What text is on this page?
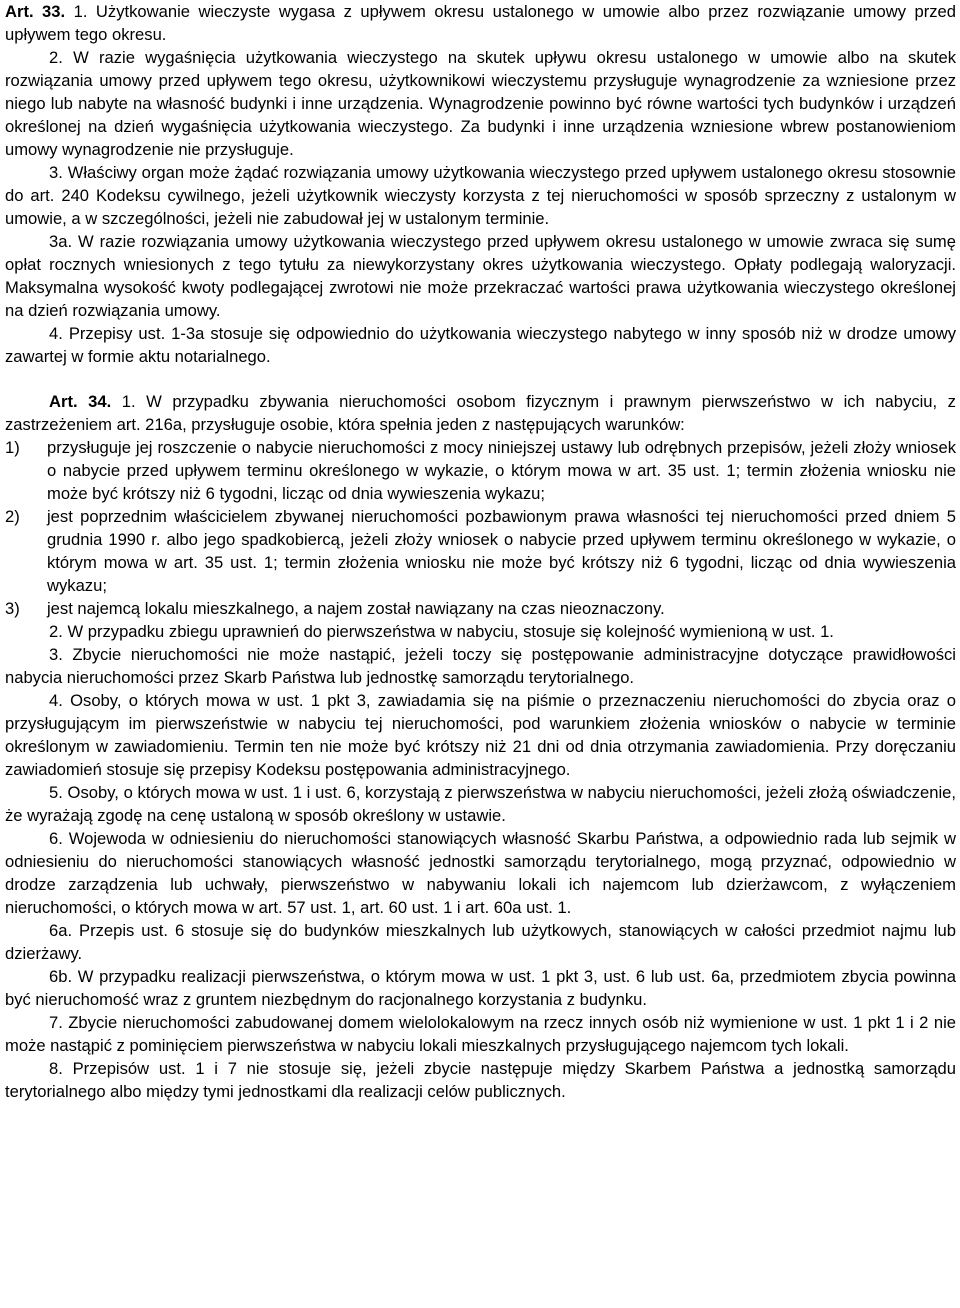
Art. 33. 1. Użytkowanie wieczyste wygasa z upływem okresu ustalonego w umowie albo przez rozwiązanie umowy przed upływem tego okresu.

2. W razie wygaśnięcia użytkowania wieczystego na skutek upływu okresu ustalonego w umowie albo na skutek rozwiązania umowy przed upływem tego okresu, użytkownikowi wieczystemu przysługuje wynagrodzenie za wzniesione przez niego lub nabyte na własność budynki i inne urządzenia. Wynagrodzenie powinno być równe wartości tych budynków i urządzeń określonej na dzień wygaśnięcia użytkowania wieczystego. Za budynki i inne urządzenia wzniesione wbrew postanowieniom umowy wynagrodzenie nie przysługuje.

3. Właściwy organ może żądać rozwiązania umowy użytkowania wieczystego przed upływem ustalonego okresu stosownie do art. 240 Kodeksu cywilnego, jeżeli użytkownik wieczysty korzysta z tej nieruchomości w sposób sprzeczny z ustalonym w umowie, a w szczególności, jeżeli nie zabudował jej w ustalonym terminie.

3a. W razie rozwiązania umowy użytkowania wieczystego przed upływem okresu ustalonego w umowie zwraca się sumę opłat rocznych wniesionych z tego tytułu za niewykorzystany okres użytkowania wieczystego. Opłaty podlegają waloryzacji. Maksymalna wysokość kwoty podlegającej zwrotowi nie może przekraczać wartości prawa użytkowania wieczystego określonej na dzień rozwiązania umowy.

4. Przepisy ust. 1-3a stosuje się odpowiednio do użytkowania wieczystego nabytego w inny sposób niż w drodze umowy zawartej w formie aktu notarialnego.

Art. 34. 1. W przypadku zbywania nieruchomości osobom fizycznym i prawnym pierwszeństwo w ich nabyciu, z zastrzeżeniem art. 216a, przysługuje osobie, która spełnia jeden z następujących warunków:

1)	przysługuje jej roszczenie o nabycie nieruchomości z mocy niniejszej ustawy lub odrębnych przepisów, jeżeli złoży wniosek o nabycie przed upływem terminu określonego w wykazie, o którym mowa w art. 35 ust. 1; termin złożenia wniosku nie może być krótszy niż 6 tygodni, licząc od dnia wywieszenia wykazu;
2)	jest poprzednim właścicielem zbywanej nieruchomości pozbawionym prawa własności tej nieruchomości przed dniem 5 grudnia 1990 r. albo jego spadkobiercą, jeżeli złoży wniosek o nabycie przed upływem terminu określonego w wykazie, o którym mowa w art. 35 ust. 1; termin złożenia wniosku nie może być krótszy niż 6 tygodni, licząc od dnia wywieszenia wykazu;
3)	jest najemcą lokalu mieszkalnego, a najem został nawiązany na czas nieoznaczony.

2. W przypadku zbiegu uprawnień do pierwszeństwa w nabyciu, stosuje się kolejność wymienioną w ust. 1.

3. Zbycie nieruchomości nie może nastąpić, jeżeli toczy się postępowanie administracyjne dotyczące prawidłowości nabycia nieruchomości przez Skarb Państwa lub jednostkę samorządu terytorialnego.

4. Osoby, o których mowa w ust. 1 pkt 3, zawiadamia się na piśmie o przeznaczeniu nieruchomości do zbycia oraz o przysługującym im pierwszeństwie w nabyciu tej nieruchomości, pod warunkiem złożenia wniosków o nabycie w terminie określonym w zawiadomieniu. Termin ten nie może być krótszy niż 21 dni od dnia otrzymania zawiadomienia. Przy doręczaniu zawiadomień stosuje się przepisy Kodeksu postępowania administracyjnego.

5. Osoby, o których mowa w ust. 1 i ust. 6, korzystają z pierwszeństwa w nabyciu nieruchomości, jeżeli złożą oświadczenie, że wyrażają zgodę na cenę ustaloną w sposób określony w ustawie.

6. Wojewoda w odniesieniu do nieruchomości stanowiących własność Skarbu Państwa, a odpowiednio rada lub sejmik w odniesieniu do nieruchomości stanowiących własność jednostki samorządu terytorialnego, mogą przyznać, odpowiednio w drodze zarządzenia lub uchwały, pierwszeństwo w nabywaniu lokali ich najemcom lub dzierżawcom, z wyłączeniem nieruchomości, o których mowa w art. 57 ust. 1, art. 60 ust. 1 i art. 60a ust. 1.

6a. Przepis ust. 6 stosuje się do budynków mieszkalnych lub użytkowych, stanowiących w całości przedmiot najmu lub dzierżawy.

6b. W przypadku realizacji pierwszeństwa, o którym mowa w ust. 1 pkt 3, ust. 6 lub ust. 6a, przedmiotem zbycia powinna być nieruchomość wraz z gruntem niezbędnym do racjonalnego korzystania z budynku.

7. Zbycie nieruchomości zabudowanej domem wielolokalowym na rzecz innych osób niż wymienione w ust. 1 pkt 1 i 2 nie może nastąpić z pominięciem pierwszeństwa w nabyciu lokali mieszkalnych przysługującego najemcom tych lokali.

8. Przepisów ust. 1 i 7 nie stosuje się, jeżeli zbycie następuje między Skarbem Państwa a jednostką samorządu terytorialnego albo między tymi jednostkami dla realizacji celów publicznych.
